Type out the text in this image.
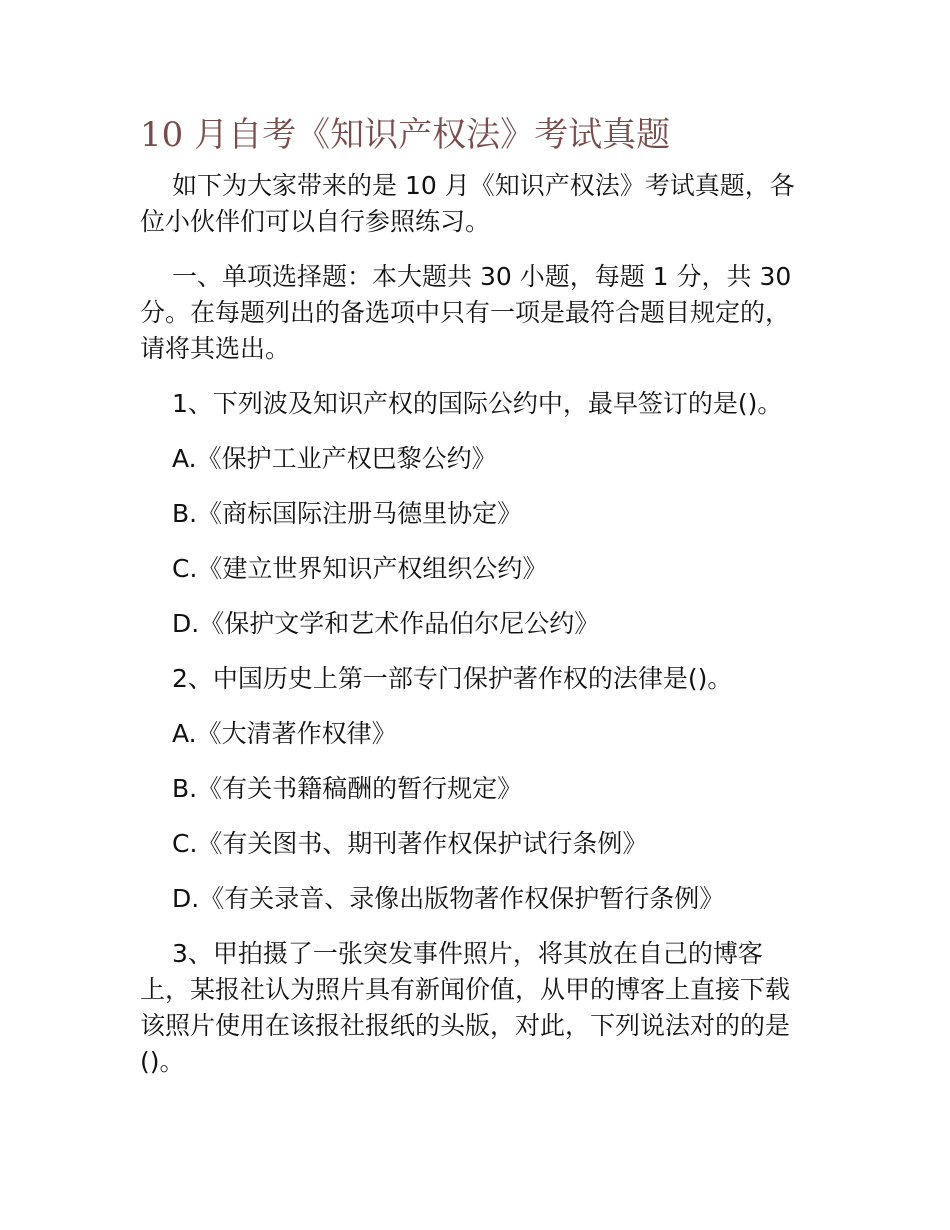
10 月自考《知识产权法》考试真题

如下为大家带来的是 10 月《知识产权法》考试真题，各位小伙伴们可以自行参照练习。

一、单项选择题：本大题共 30 小题，每题 1 分，共 30 分。在每题列出的备选项中只有一项是最符合题目规定的，请将其选出。

1、下列波及知识产权的国际公约中，最早签订的是()。

A.《保护工业产权巴黎公约》

B.《商标国际注册马德里协定》

C.《建立世界知识产权组织公约》

D.《保护文学和艺术作品伯尔尼公约》

2、中国历史上第一部专门保护著作权的法律是()。

A.《大清著作权律》

B.《有关书籍稿酬的暂行规定》

C.《有关图书、期刊著作权保护试行条例》

D.《有关录音、录像出版物著作权保护暂行条例》

3、甲拍摄了一张突发事件照片，将其放在自己的博客上，某报社认为照片具有新闻价值，从甲的博客上直接下载该照片使用在该报社报纸的头版，对此，下列说法对的的是()。
